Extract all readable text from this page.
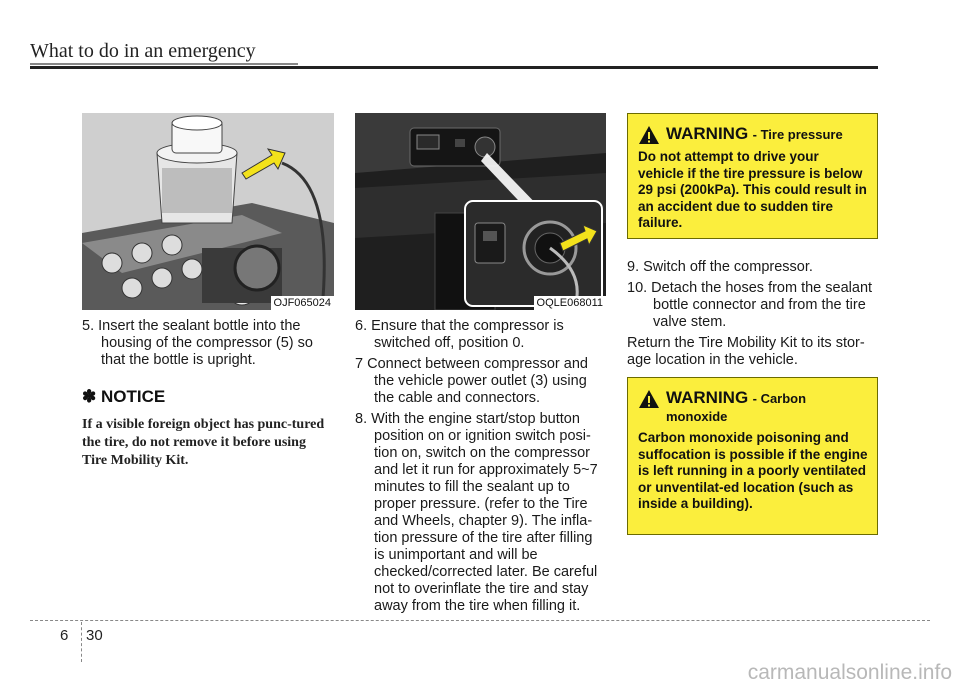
What to do in an emergency
OJF065024	OQLE068011

5. Insert the sealant bottle into the housing of the compressor (5) so that the bottle is upright.

✽ NOTICE
If a visible foreign object has punc-tured the tire, do not remove it before using Tire Mobility Kit.

6. Ensure that the compressor is switched off, position 0.

7 Connect between compressor and the vehicle power outlet (3) using the cable and connectors.

8. With the engine start/stop button position on or ignition switch posi-tion on, switch on the compressor and let it run for approximately 5~7 minutes to fill the sealant up to proper pressure. (refer to the Tire and Wheels, chapter 9). The infla-tion pressure of the tire after filling is unimportant and will be checked/corrected later. Be careful not to overinflate the tire and stay away from the tire when filling it.

WARNING - Tire pressure
Do not attempt to drive your vehicle if the tire pressure is below 29 psi (200kPa). This could result in an accident due to sudden tire failure.

9. Switch off the compressor.

10. Detach the hoses from the sealant bottle connector and from the tire valve stem.

Return the Tire Mobility Kit to its stor-age location in the vehicle.

WARNING - Carbon monoxide
Carbon monoxide poisoning and suffocation is possible if the engine is left running in a poorly ventilated or unventilat-ed location (such as inside a building).
6 30
carmanualsonline.info
